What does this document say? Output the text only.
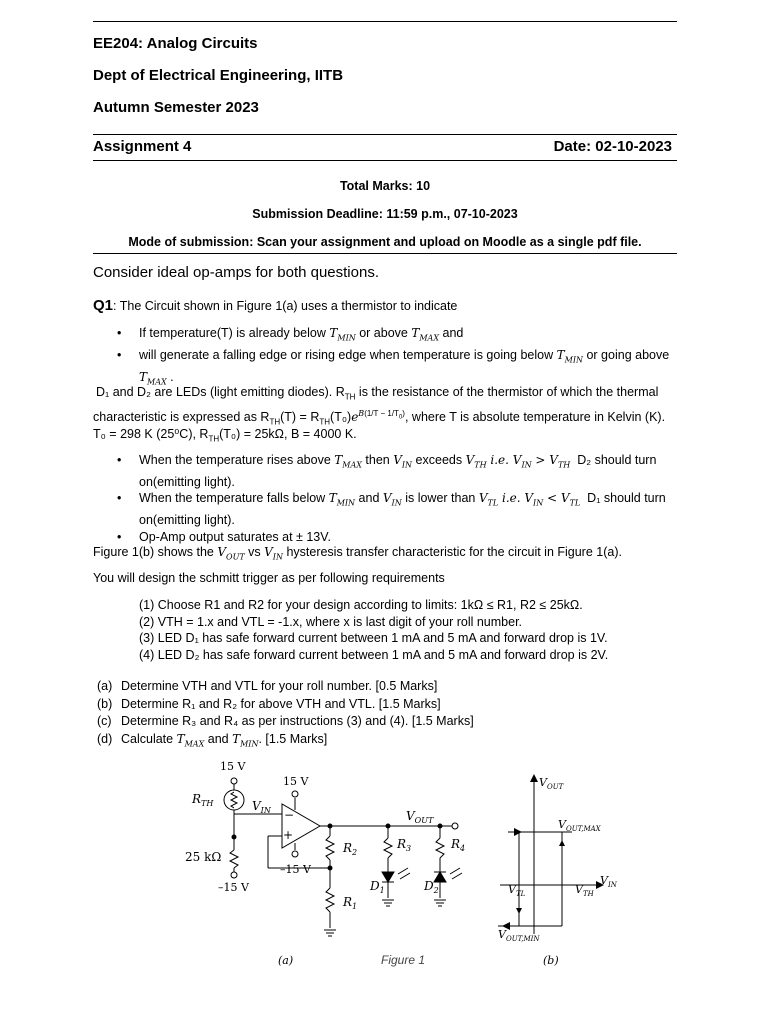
EE204: Analog Circuits
Dept of Electrical Engineering, IITB
Autumn Semester 2023
Assignment 4	Date: 02-10-2023
Total Marks: 10
Submission Deadline: 11:59 p.m., 07-10-2023
Mode of submission: Scan your assignment and upload on Moodle as a single pdf file.
Consider ideal op-amps for both questions.
Q1: The Circuit shown in Figure 1(a) uses a thermistor to indicate
• If temperature(T) is already below $T_{MIN}$ or above $T_{MAX}$ and
• will generate a falling edge or rising edge when temperature is going below $T_{MIN}$ or going above $T_{MAX}$ .
D₁ and D₂ are LEDs (light emitting diodes). $R_{TH}$ is the resistance of the thermistor of which the thermal
characteristic is expressed as $R_{TH}(T) = R_{TH}(T_0)e^{B(1/T - 1/T_0)}$, where T is absolute temperature in Kelvin (K).
T₀ = 298 K (25⁰C), $R_{TH}(T_0) = 25k\Omega$, B = 4000 K.
• When the temperature rises above $T_{MAX}$ then $V_{IN}$ exceeds $V_{TH}$ i.e. $V_{IN} > V_{TH}$  D₂ should turn on(emitting light).
• When the temperature falls below $T_{MIN}$ and $V_{IN}$ is lower than $V_{TL}$ i.e. $V_{IN} < V_{TL}$  D₁ should turn on(emitting light).
• Op-Amp output saturates at ± 13V.
Figure 1(b) shows the $V_{OUT}$ vs $V_{IN}$ hysteresis transfer characteristic for the circuit in Figure 1(a).
You will design the schmitt trigger as per following requirements
(1) Choose R1 and R2 for your design according to limits: 1kΩ ≤ R1, R2 ≤ 25kΩ.
(2) VTH = 1.x and VTL = -1.x, where x is last digit of your roll number.
(3) LED D₁ has safe forward current between 1 mA and 5 mA and forward drop is 1V.
(4) LED D₂ has safe forward current between 1 mA and 5 mA and forward drop is 2V.
(a) Determine VTH and VTL for your roll number. [0.5 Marks]
(b) Determine R₁ and R₂ for above VTH and VTL. [1.5 Marks]
(c) Determine R₃ and R₄ as per instructions (3) and (4). [1.5 Marks]
(d) Calculate $T_{MAX}$ and $T_{MIN}$. [1.5 Marks]
15 V
15 V
$R_{TH}$	$V_{IN}$ −
+
25 kΩ
–15 V
–15 V
$V_{OUT}$
$R_2$
$R_1$
$R_3$	$R_4$
$D_1$	$D_2$
$V_{OUT}$
$V_{OUT,MAX}$
$V_{OUT,MIN}$
$V_{IN}$
$V_{TL}$	$V_{TH}$
(a)	Figure 1	(b)
